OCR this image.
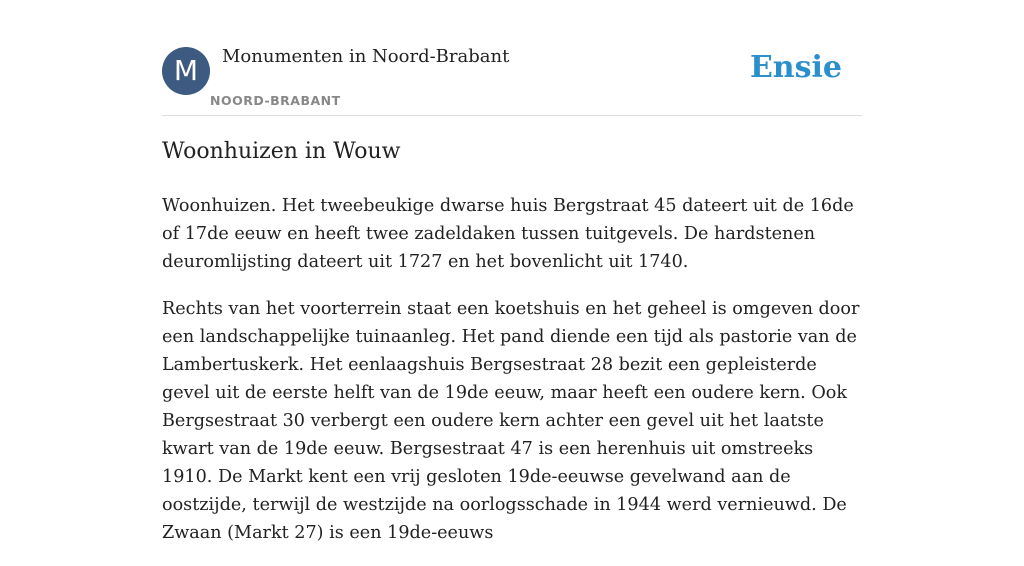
M	Monumenten in Noord-Brabant
NOORD-BRABANT
Ensie
Woonhuizen in Wouw

Woonhuizen. Het tweebeukige dwarse huis Bergstraat 45 dateert uit de 16de of 17de eeuw en heeft twee zadeldaken tussen tuitgevels. De hardstenen deuromlijsting dateert uit 1727 en het bovenlicht uit 1740.

Rechts van het voorterrein staat een koetshuis en het geheel is omgeven door een landschappelijke tuinaanleg. Het pand diende een tijd als pastorie van de Lambertuskerk. Het eenlaagshuis Bergsestraat 28 bezit een gepleisterde gevel uit de eerste helft van de 19de eeuw, maar heeft een oudere kern. Ook Bergsestraat 30 verbergt een oudere kern achter een gevel uit het laatste kwart van de 19de eeuw. Bergsestraat 47 is een herenhuis uit omstreeks 1910. De Markt kent een vrij gesloten 19de-eeuwse gevelwand aan de oostzijde, terwijl de westzijde na oorlogsschade in 1944 werd vernieuwd. De Zwaan (Markt 27) is een 19de-eeuws
